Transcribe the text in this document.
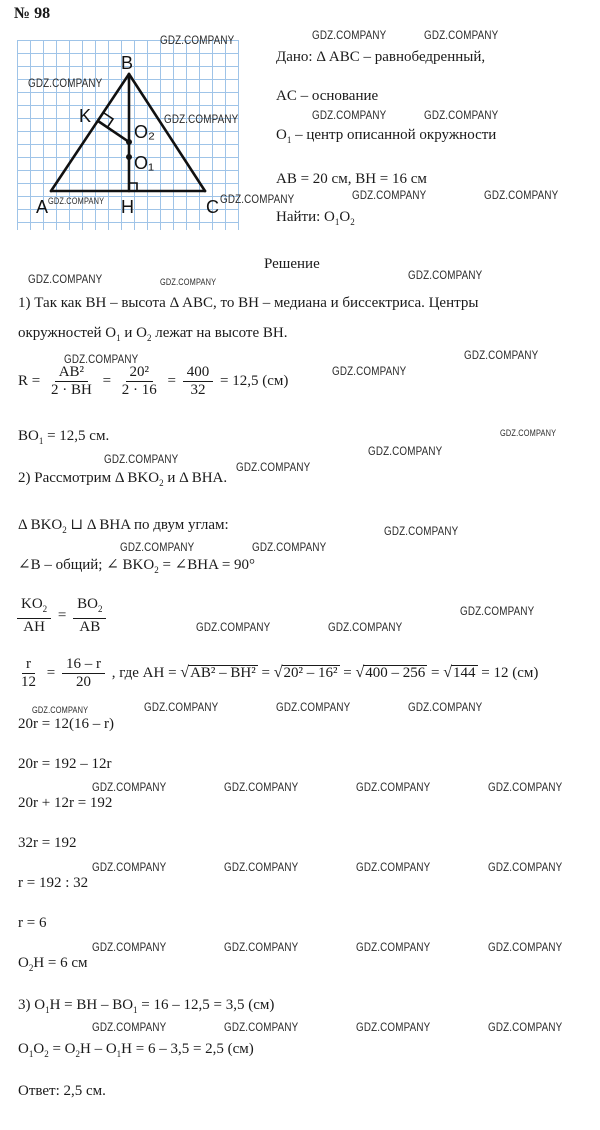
№ 98
B
K
O₂
O₁
A	H	C
Дано: Δ ABC – равнобедренный,
AC – основание
$O_1$ – центр описанной окружности
AB = 20 см, BH = 16 см
Найти: $O_1O_2$
Решение
1) Так как BH – высота Δ ABC, то BH – медиана и биссектриса. Центры
окружностей $O_1$ и $O_2$ лежат на высоте BH.
$R = \frac{\text{AB²}}{2 \cdot BH} = \frac{\text{20²}}{2 \cdot 16} = \frac{400}{32} = 12,5$ (см)
$BO_1 = 12,5$ см.
2) Рассмотрим Δ $BKO_2$ и Δ BHA.
Δ $BKO_2$ ⊔ Δ BHA по двум углам:
∠B – общий; ∠ $BKO_2$ = ∠BHA = 90°
$\frac{KO_2}{AH} = \frac{BO_2}{AB}$
$\frac{r}{12} = \frac{16 - r}{20}$ , где AH = √AB² – BH² = √20² – 16² = √400 – 256 = √144 = 12 (см)
20r = 12(16 – r)
20r = 192 – 12r
20r + 12r = 192
32r = 192
r = 192 : 32
r = 6
$O_2H = 6$ см
3) $O_1H$ = BH – $BO_1 = 16 - 12,5 = 3,5$ (см)
$O_1O_2 = O_2H - O_1H = 6 - 3,5 = 2,5$ (см)
Ответ: 2,5 см.
GDZ.COMPANY	GDZ.COMPANY	GDZ.COMPANY
GDZ.COMPANY
GDZ.COMPANY	GDZ.COMPANY	GDZ.COMPANY
GDZ.COMPANY	GDZ.COMPANY	GDZ.COMPANY
GDZ.COMPANY
GDZ.COMPANY	GDZ.COMPANY	GDZ.COMPANY
GDZ.COMPANY
GDZ.COMPANY
GDZ.COMPANY
GDZ.COMPANY
GDZ.COMPANY
GDZ.COMPANY
GDZ.COMPANY
GDZ.COMPANY
GDZ.COMPANY	GDZ.COMPANY
GDZ.COMPANY
GDZ.COMPANY	GDZ.COMPANY
GDZ.COMPANY	GDZ.COMPANY	GDZ.COMPANY	GDZ.COMPANY
GDZ.COMPANY	GDZ.COMPANY	GDZ.COMPANY	GDZ.COMPANY
GDZ.COMPANY	GDZ.COMPANY	GDZ.COMPANY	GDZ.COMPANY
GDZ.COMPANY	GDZ.COMPANY	GDZ.COMPANY	GDZ.COMPANY
GDZ.COMPANY	GDZ.COMPANY	GDZ.COMPANY	GDZ.COMPANY
